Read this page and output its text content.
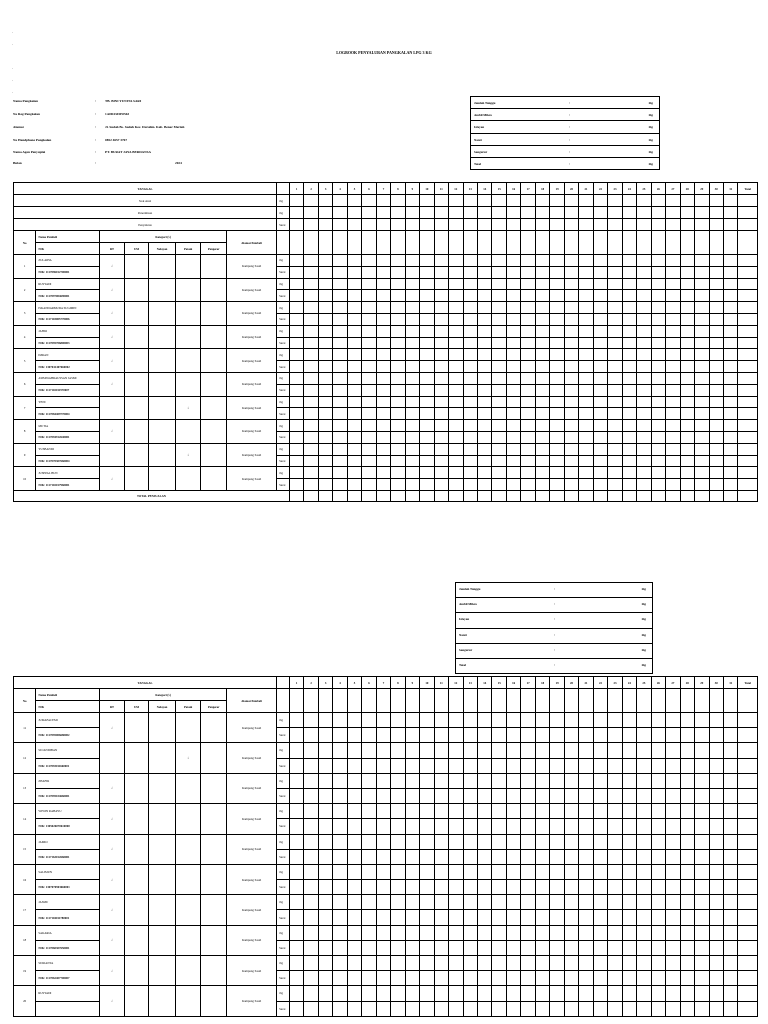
.
.
.
.
.
LOGBOOK PENYALURAN PANGKALAN LPG 3 KG
Nama Pangkalan	:	TB. BINI YUNITA SARI
No Reg Pangkalan	:	1A0D4345E0563
Alamat	:	Jl. Sudah Bs. Sudah Kec. Durahin. Kab. Benar Meriah
No Handphone Pangkalan	:	0852 4657 3767
Nama Agen Penyuplai	:	PT. BURAT JAYA BERDANSA
Bulan	:	2024
Jumlah Tunggu	:	tbg
Ambil Mikro	:	tbg
Isfayan	:	tbg
Nanti	:	tbg
Sangurur	:	tbg
Total	:	tbg
TANGGAL									1	2	3	4	5	6	7	8	9	10	11	12	13	14	15	16	17	18	19	20	21	22	23	24	25	26	27	28	29	30	31	Total
Stok Awal								tbg																																
Penerimaan								tbg																																
Penyaluran								Surat																																
No	Nama Pembeli	Kategori (v)					Alamat Pembeli																																	
	NIK	RT	UM	Nelayan	Petani	Pengecer																																		
1	ZULAIHA	√					Kampung Sasid	tbg																																
	NIK: 1117096012700001							Surat																																
2	RUSYADI	√					Kampung Sasid	tbg																																
	NIK: 1117097004690001							Surat																																
3	ISKANDARMUDA SUGIMIN	√					Kampung Sasid	tbg																																
	NIK: 1117103005770006							Surat																																
4	JAHIO	√					Kampung Sasid	tbg																																
	NIK: 1117095706800003							Surat																																
5	IMRAN	√					Kampung Sasid	tbg																																
	NIK: 1307041407660002							Surat																																
6	ASHAWAHRAUSSAN JASMI	√					Kampung Sasid	tbg																																
	NIK: 1117102011970007							Surat																																
7	YENI				√		Kampung Sasid	tbg																																
	NIK: 1117084409770004							Surat																																
8	MUTIA	√					Kampung Sasid	tbg																																
	NIK: 1117094912640001							Surat																																
9	YUSBANDI				√		Kampung Sasid	tbg																																
	NIK: 1117070307660004							Surat																																
10	JUSEPAL BUN	√					Kampung Sasid	tbg																																
	NIK: 1117102017960001							Surat																																
TOTAL PENJUALAN																																								
Jumlah Tunggu	:	tbg
Ambil Mikro	:	tbg
Isfayan	:	tbg
Nanti	:	tbg
Sangurur	:	tbg
Total	:	tbg
TANGGAL									1	2	3	4	5	6	7	8	9	10	11	12	13	14	15	16	17	18	19	20	21	22	23	24	25	26	27	28	29	30	31	Total
No	Nama Pembeli	Kategori (v)					Alamat Pembeli																																	
	NIK	RT	UM	Nelayan	Petani	Pengecer																																		
11	JUMAFACEMI	√					Kampung Sasid	tbg																																
	NIK: 1117095006680002							Surat																																
12	SUJANDIBAN				√		Kampung Sasid	tbg																																
	NIK: 1117093011660001							Surat																																
13	ZHAFIR	√					Kampung Sasid	tbg																																
	NIK: 1117095104660001							Surat																																
14	WIWIN RAHAYU	√					Kampung Sasid	tbg																																
	NIK: 1305026070610000							Surat																																
15	JAMIO	√					Kampung Sasid	tbg																																
	NIK: 1117163012660001							Surat																																
16	SALIMUN	√					Kampung Sasid	tbg																																
	NIK: 1307070903660001							Surat																																
17	JASMU	√					Kampung Sasid	tbg																																
	NIK: 1117104011780001							Surat																																
18	SAKARIA	√					Kampung Sasid	tbg																																
	NIK: 1117060307650001							Surat																																
19	SURIANTA	√					Kampung Sasid	tbg																																
	NIK: 1117062407700007							Surat																																
20	RUSYADI	√					Kampung Sasid	tbg																																
								Surat																																
